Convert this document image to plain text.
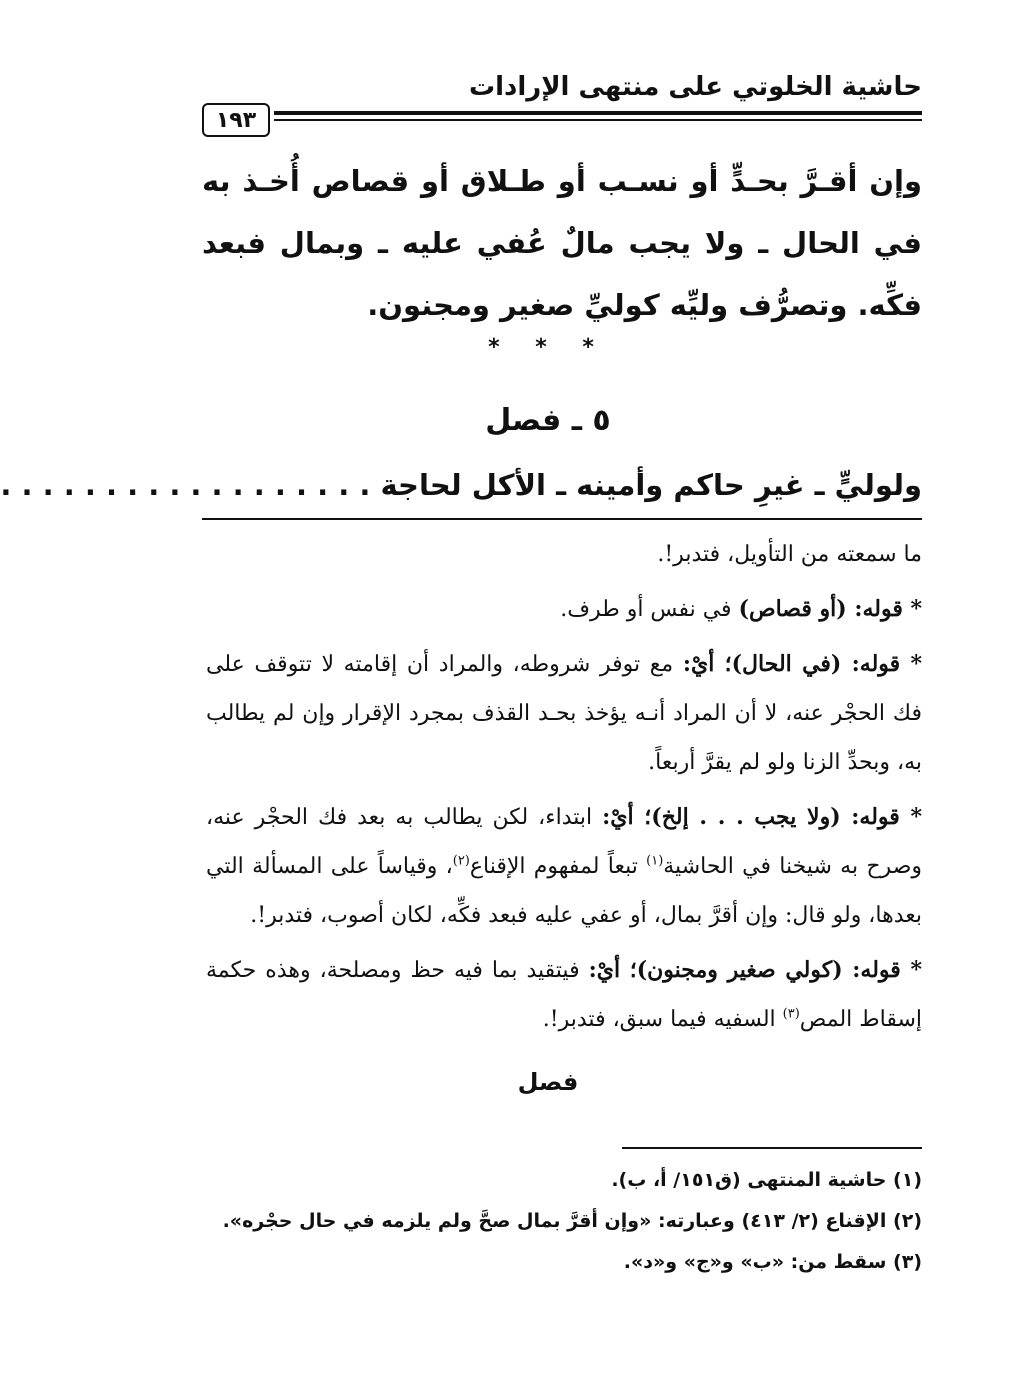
حاشية الخلوتي على منتهى الإرادات
١٩٣
وإن أقـرَّ بحـدٍّ أو نسـب أو طـلاق أو قصاص أُخـذ به في الحال ـ ولا يجب مالٌ عُفي عليه ـ وبمال فبعد فكِّه. وتصرُّف وليِّه كوليِّ صغير ومجنون.
* * *
٥ ـ فصل
ولوليٍّ ـ غيرِ حاكم وأمينه ـ الأكل لحاجة . . . . . . . . . . . . . . . . . .

ما سمعته من التأويل، فتدبر!.

* قوله: (أو قصاص) في نفس أو طرف.

* قوله: (في الحال)؛ أيْ: مع توفر شروطه، والمراد أن إقامته لا تتوقف على فك الحجْر عنه، لا أن المراد أنـه يؤخذ بحـد القذف بمجرد الإقرار وإن لم يطالب به، وبحدِّ الزنا ولو لم يقرَّ أربعاً.

* قوله: (ولا يجب . . . إلخ)؛ أيْ: ابتداء، لكن يطالب به بعد فك الحجْر عنه، وصرح به شيخنا في الحاشية$^{(١)}$ تبعاً لمفهوم الإقناع$^{(٢)}$، وقياساً على المسألة التي بعدها، ولو قال: وإن أقرَّ بمال، أو عفي عليه فبعد فكِّه، لكان أصوب، فتدبر!.

* قوله: (كولي صغير ومجنون)؛ أيْ: فيتقيد بما فيه حظ ومصلحة، وهذه حكمة إسقاط المص$^{(٣)}$ السفيه فيما سبق، فتدبر!.

فصل
(١) حاشية المنتهى (ق١٥١/ أ، ب).
(٢) الإقناع (٢/ ٤١٣) وعبارته: «وإن أقرَّ بمال صحَّ ولم يلزمه في حال حجْره».
(٣) سقط من: «ب» و«ج» و«د».
